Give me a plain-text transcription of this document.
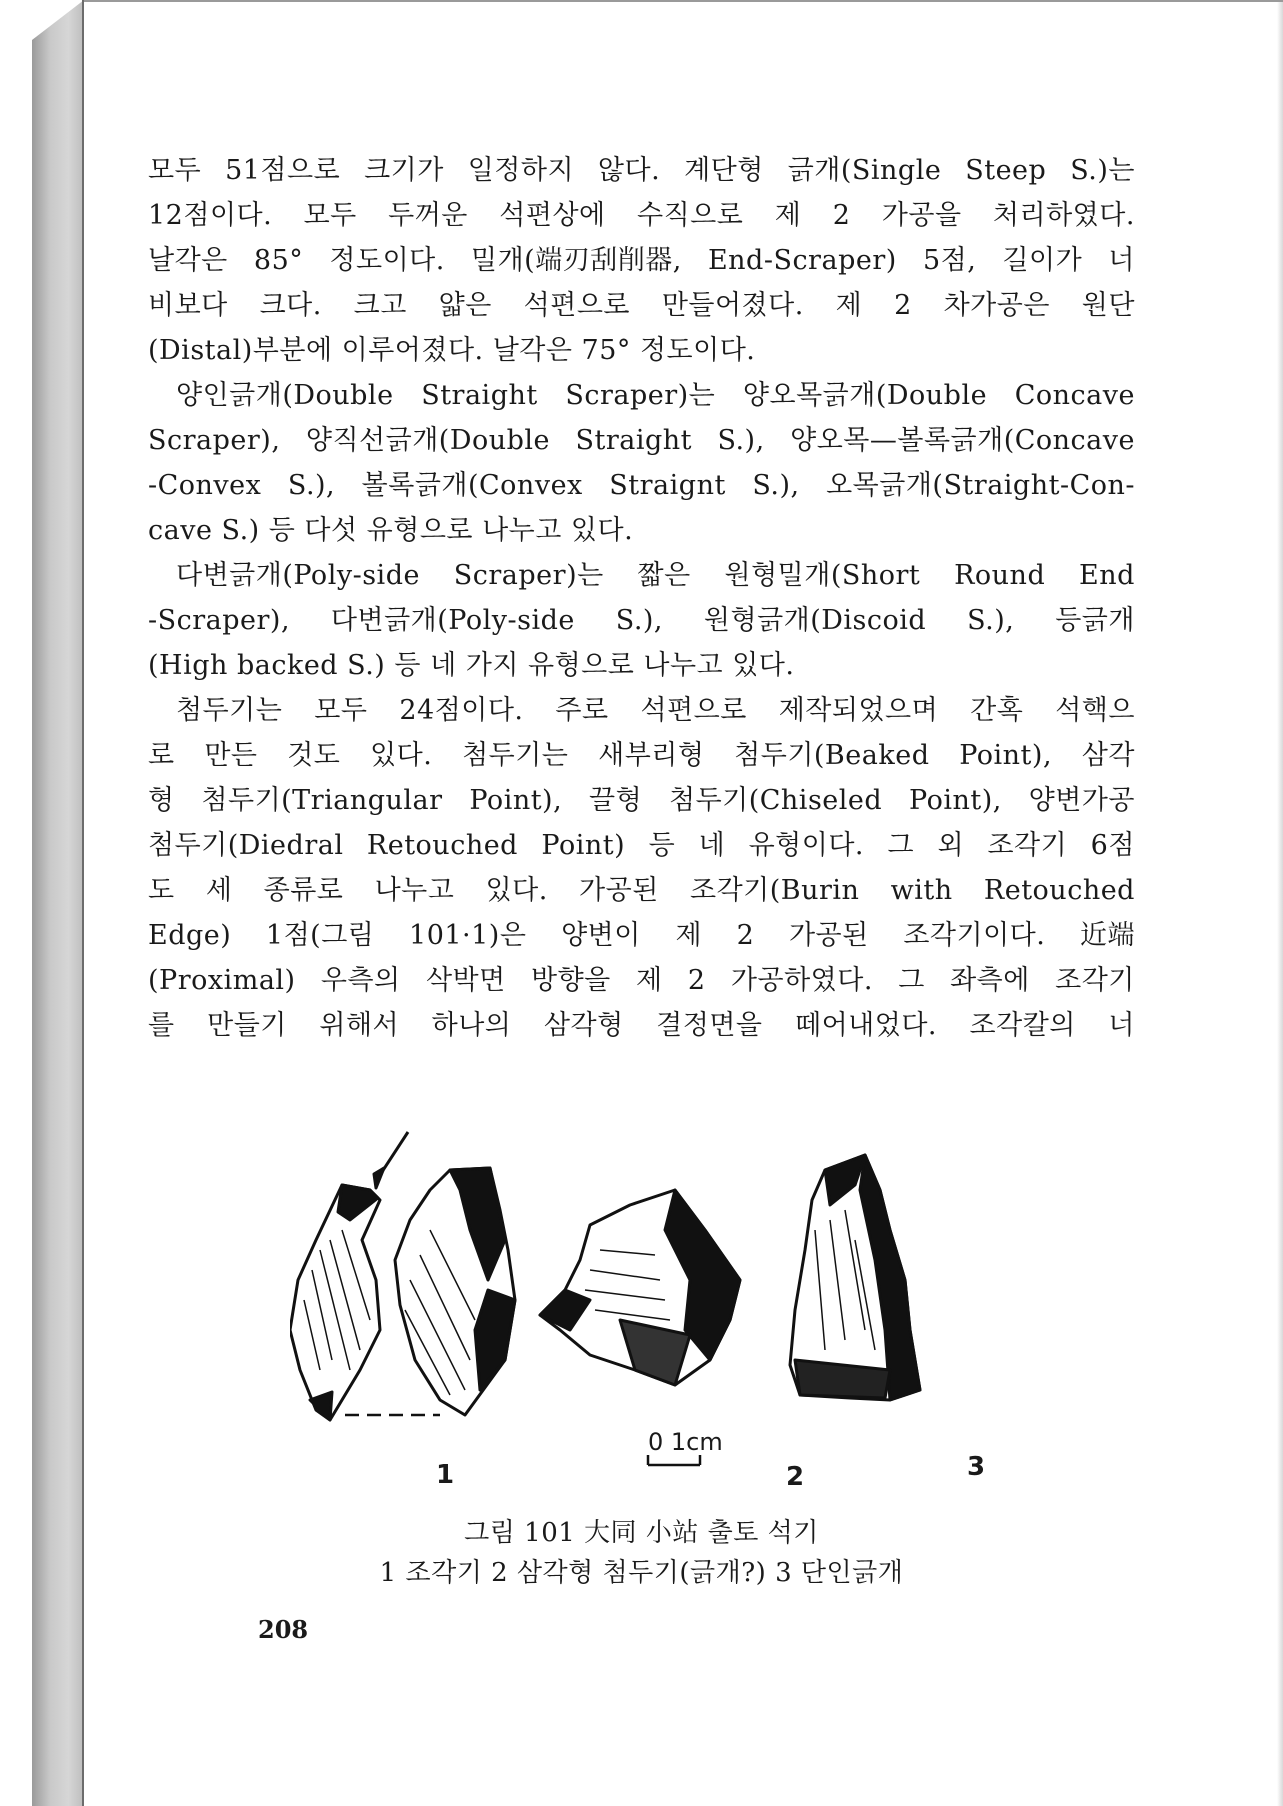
모두 51점으로 크기가 일정하지 않다. 계단형 긁개(Single Steep S.)는
12점이다. 모두 두꺼운 석편상에 수직으로 제 2 가공을 처리하였다.
날각은 85° 정도이다. 밀개(端刃刮削器, End-Scraper) 5점, 길이가 너
비보다 크다. 크고 얇은 석편으로 만들어졌다. 제 2 차가공은 원단
(Distal)부분에 이루어졌다. 날각은 75° 정도이다.
양인긁개(Double Straight Scraper)는 양오목긁개(Double Concave
Scraper), 양직선긁개(Double Straight S.), 양오목—볼록긁개(Concave
-Convex S.), 볼록긁개(Convex Straignt S.), 오목긁개(Straight-Con-
cave S.) 등 다섯 유형으로 나누고 있다.
다변긁개(Poly-side Scraper)는 짧은 원형밀개(Short Round End
-Scraper), 다변긁개(Poly-side S.), 원형긁개(Discoid S.), 등긁개
(High backed S.) 등 네 가지 유형으로 나누고 있다.
첨두기는 모두 24점이다. 주로 석편으로 제작되었으며 간혹 석핵으
로 만든 것도 있다. 첨두기는 새부리형 첨두기(Beaked Point), 삼각
형 첨두기(Triangular Point), 끌형 첨두기(Chiseled Point), 양변가공
첨두기(Diedral Retouched Point) 등 네 유형이다. 그 외 조각기 6점
도 세 종류로 나누고 있다. 가공된 조각기(Burin with Retouched
Edge) 1점(그림 101·1)은 양변이 제 2 가공된 조각기이다. 近端
(Proximal) 우측의 삭박면 방향을 제 2 가공하였다. 그 좌측에 조각기
를 만들기 위해서 하나의 삼각형 결정면을 떼어내었다. 조각칼의 너
1	2	3
0 1cm
그림 101 大同 小站 출토 석기
1 조각기 2 삼각형 첨두기(긁개?) 3 단인긁개
208
